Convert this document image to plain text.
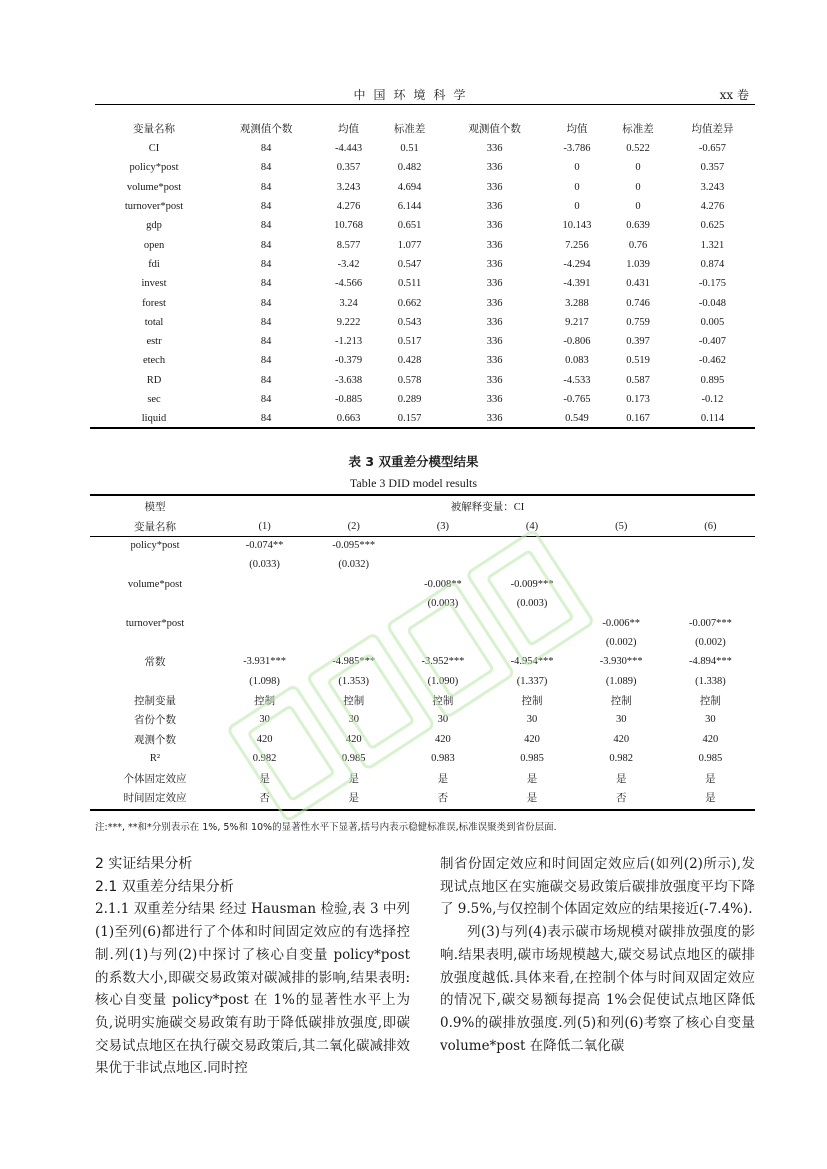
中国环境科学	xx 卷
变量名称	观测值个数	均值	标准差	观测值个数	均值	标准差	均值差异
CI	84	-4.443	0.51	336	-3.786	0.522	-0.657
policy*post	84	0.357	0.482	336	0	0	0.357
volume*post	84	3.243	4.694	336	0	0	3.243
turnover*post	84	4.276	6.144	336	0	0	4.276
gdp	84	10.768	0.651	336	10.143	0.639	0.625
open	84	8.577	1.077	336	7.256	0.76	1.321
fdi	84	-3.42	0.547	336	-4.294	1.039	0.874
invest	84	-4.566	0.511	336	-4.391	0.431	-0.175
forest	84	3.24	0.662	336	3.288	0.746	-0.048
total	84	9.222	0.543	336	9.217	0.759	0.005
estr	84	-1.213	0.517	336	-0.806	0.397	-0.407
etech	84	-0.379	0.428	336	0.083	0.519	-0.462
RD	84	-3.638	0.578	336	-4.533	0.587	0.895
sec	84	-0.885	0.289	336	-0.765	0.173	-0.12
liquid	84	0.663	0.157	336	0.549	0.167	0.114
表 3 双重差分模型结果
Table 3 DID model results
模型	被解释变量：CI					
变量名称	(1)	(2)	(3)	(4)	(5)	(6)
policy*post	-0.074**	-0.095***				
	(0.033)	(0.032)				
volume*post			-0.008**	-0.009***		
			(0.003)	(0.003)		
turnover*post					-0.006**	-0.007***
					(0.002)	(0.002)
常数	-3.931***	-4.985***	-3.952***	-4.954***	-3.930***	-4.894***
	(1.098)	(1.353)	(1.090)	(1.337)	(1.089)	(1.338)
控制变量	控制	控制	控制	控制	控制	控制
省份个数	30	30	30	30	30	30
观测个数	420	420	420	420	420	420
R²	0.982	0.985	0.983	0.985	0.982	0.985
个体固定效应	是	是	是	是	是	是
时间固定效应	否	是	否	是	否	是
注:***, **和*分别表示在 1%, 5%和 10%的显著性水平下显著,括号内表示稳健标准误,标准误聚类到省份层面.

2 实证结果分析

2.1 双重差分结果分析

2.1.1 双重差分结果 经过 Hausman 检验,表 3 中列(1)至列(6)都进行了个体和时间固定效应的有选择控制.列(1)与列(2)中探讨了核心自变量 policy*post 的系数大小,即碳交易政策对碳减排的影响,结果表明:核心自变量 policy*post 在 1%的显著性水平上为负,说明实施碳交易政策有助于降低碳排放强度,即碳交易试点地区在执行碳交易政策后,其二氧化碳减排效果优于非试点地区.同时控

制省份固定效应和时间固定效应后(如列(2)所示),发现试点地区在实施碳交易政策后碳排放强度平均下降了 9.5%,与仅控制个体固定效应的结果接近(-7.4%).

列(3)与列(4)表示碳市场规模对碳排放强度的影响.结果表明,碳市场规模越大,碳交易试点地区的碳排放强度越低.具体来看,在控制个体与时间双固定效应的情况下,碳交易额每提高 1%会促使试点地区降低 0.9%的碳排放强度.列(5)和列(6)考察了核心自变量 volume*post 在降低二氧化碳
